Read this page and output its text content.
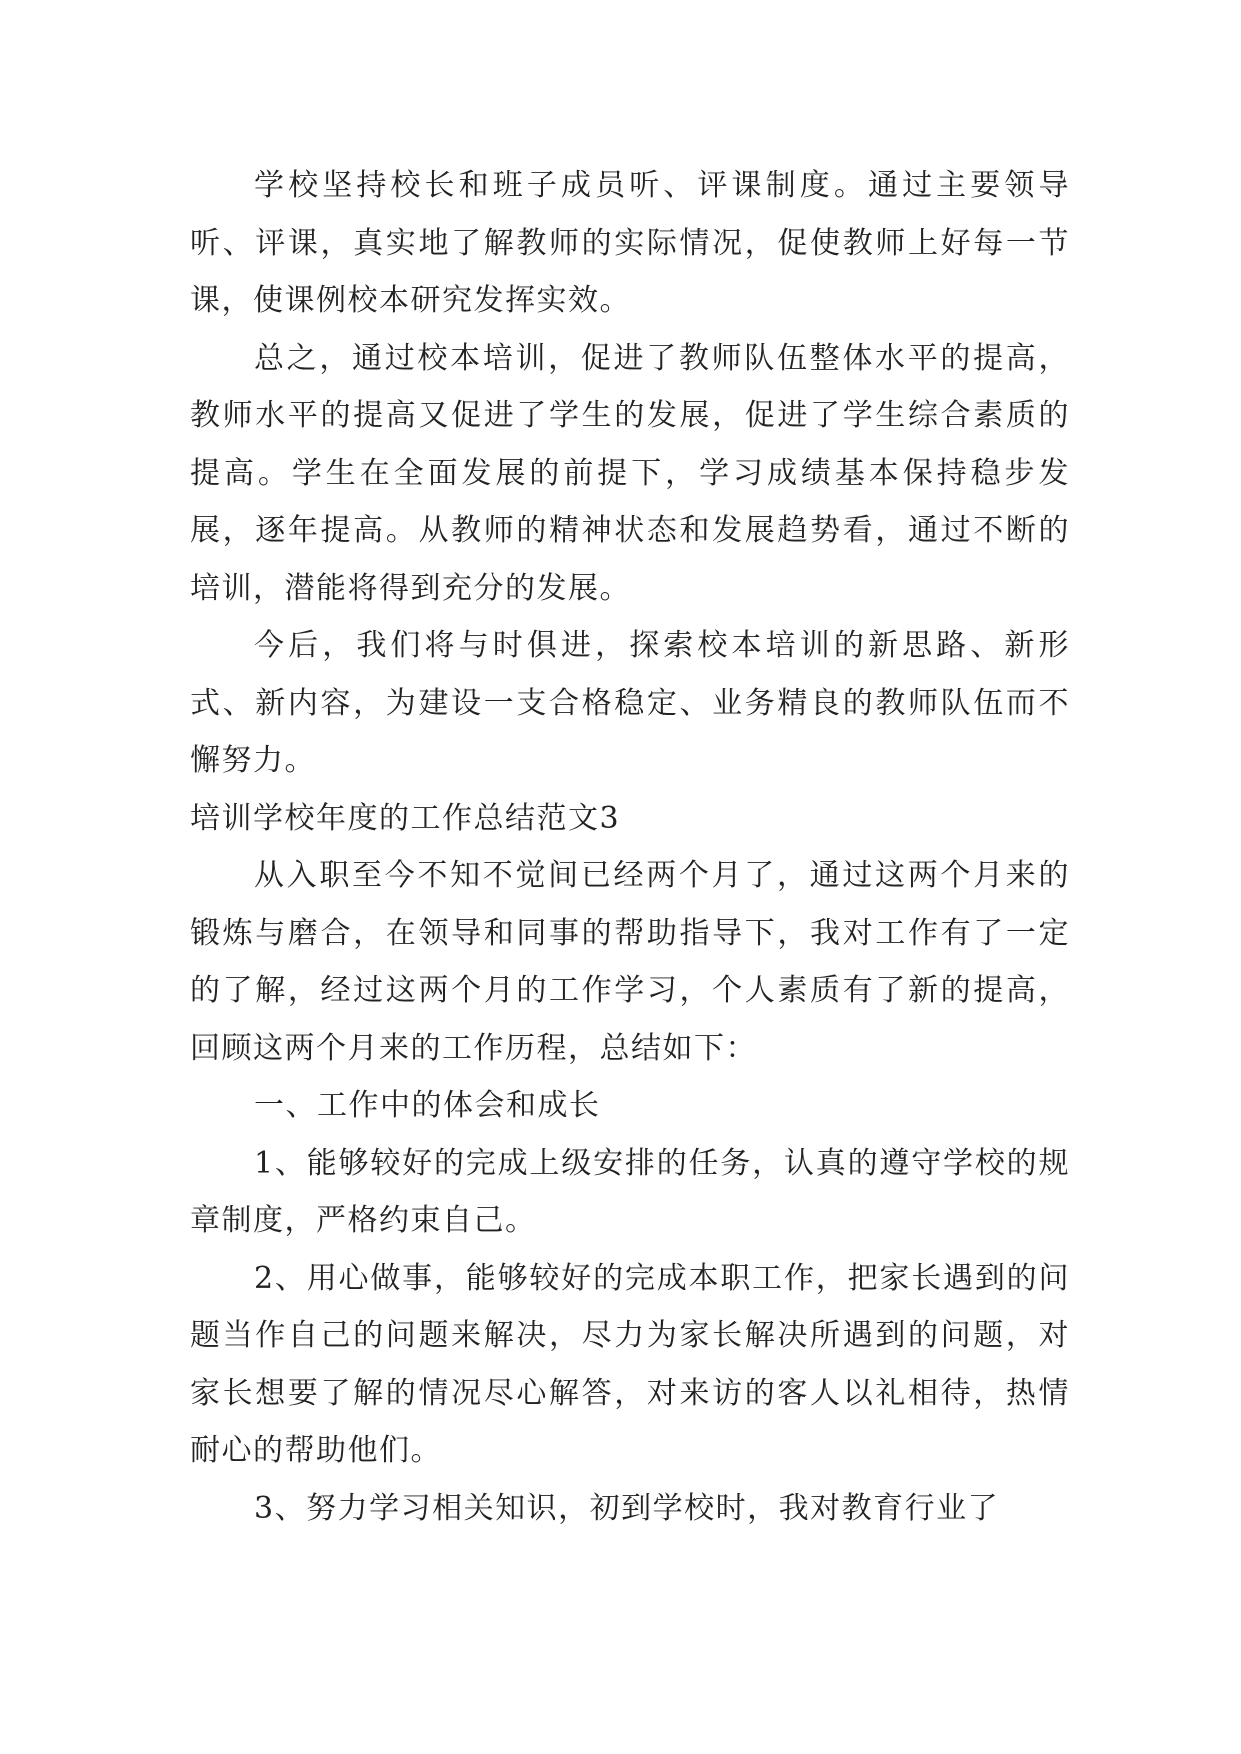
学校坚持校长和班子成员听、评课制度。通过主要领导听、评课，真实地了解教师的实际情况，促使教师上好每一节课，使课例校本研究发挥实效。

总之，通过校本培训，促进了教师队伍整体水平的提高，教师水平的提高又促进了学生的发展，促进了学生综合素质的提高。学生在全面发展的前提下，学习成绩基本保持稳步发展，逐年提高。从教师的精神状态和发展趋势看，通过不断的培训，潜能将得到充分的发展。

今后，我们将与时俱进，探索校本培训的新思路、新形式、新内容，为建设一支合格稳定、业务精良的教师队伍而不懈努力。

培训学校年度的工作总结范文3

从入职至今不知不觉间已经两个月了，通过这两个月来的锻炼与磨合，在领导和同事的帮助指导下，我对工作有了一定的了解，经过这两个月的工作学习，个人素质有了新的提高，回顾这两个月来的工作历程，总结如下：

一、工作中的体会和成长

1、能够较好的完成上级安排的任务，认真的遵守学校的规章制度，严格约束自己。

2、用心做事，能够较好的完成本职工作，把家长遇到的问题当作自己的问题来解决，尽力为家长解决所遇到的问题，对家长想要了解的情况尽心解答，对来访的客人以礼相待，热情耐心的帮助他们。

3、努力学习相关知识，初到学校时，我对教育行业了
